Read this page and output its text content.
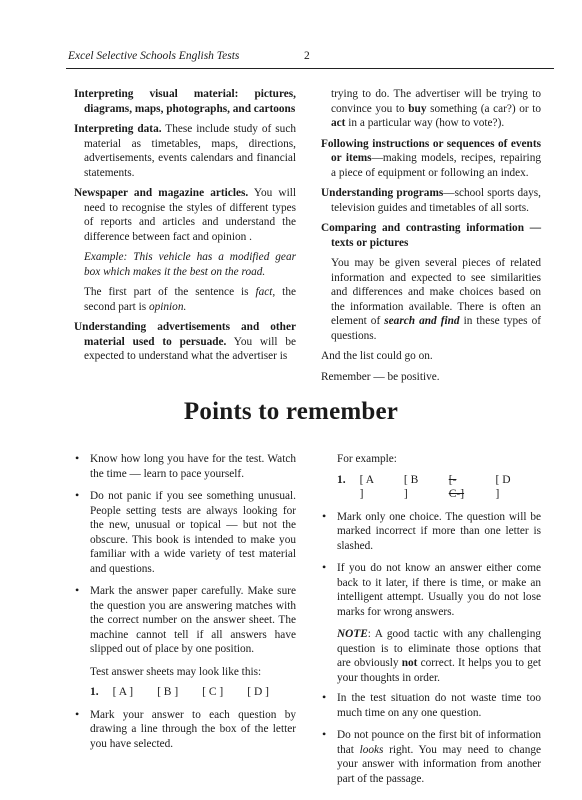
Excel Selective Schools English Tests	2
Interpreting visual material: pictures, diagrams, maps, photographs, and cartoons
Interpreting data. These include study of such material as timetables, maps, directions, advertisements, events calendars and financial statements.
Newspaper and magazine articles. You will need to recognise the styles of different types of reports and articles and understand the difference between fact and opinion .
Example: This vehicle has a modified gear box which makes it the best on the road.
The first part of the sentence is fact, the second part is opinion.
Understanding advertisements and other material used to persuade. You will be expected to understand what the advertiser is
trying to do. The advertiser will be trying to convince you to buy something (a car?) or to act in a particular way (how to vote?).
Following instructions or sequences of events or items—making models, recipes, repairing a piece of equipment or following an index.
Understanding programs—school sports days, television guides and timetables of all sorts.
Comparing and contrasting information — texts or pictures
You may be given several pieces of related information and expected to see similarities and differences and make choices based on the information available. There is often an element of search and find in these types of questions.
And the list could go on.
Remember — be positive.
Points to remember
• Know how long you have for the test. Watch the time — learn to pace yourself.
• Do not panic if you see something unusual. People setting tests are always looking for the new, unusual or topical — but not the obscure. This book is intended to make you familiar with a wide variety of test material and questions.
• Mark the answer paper carefully. Make sure the question you are answering matches with the correct number on the answer sheet. The machine cannot tell if all answers have slipped out of place by one position.
Test answer sheets may look like this:
1. [ A ] [ B ] [ C ] [ D ]
• Mark your answer to each question by drawing a line through the box of the letter you have selected.
For example:
1. [ A ]
[ B ]
[-C-]
[ D ]
• Mark only one choice. The question will be marked incorrect if more than one letter is slashed.
• If you do not know an answer either come back to it later, if there is time, or make an intelligent attempt. Usually you do not lose marks for wrong answers.
NOTE: A good tactic with any challenging question is to eliminate those options that are obviously not correct. It helps you to get your thoughts in order.
• In the test situation do not waste time too much time on any one question.
• Do not pounce on the first bit of information that looks right. You may need to change your answer with information from another part of the passage.
